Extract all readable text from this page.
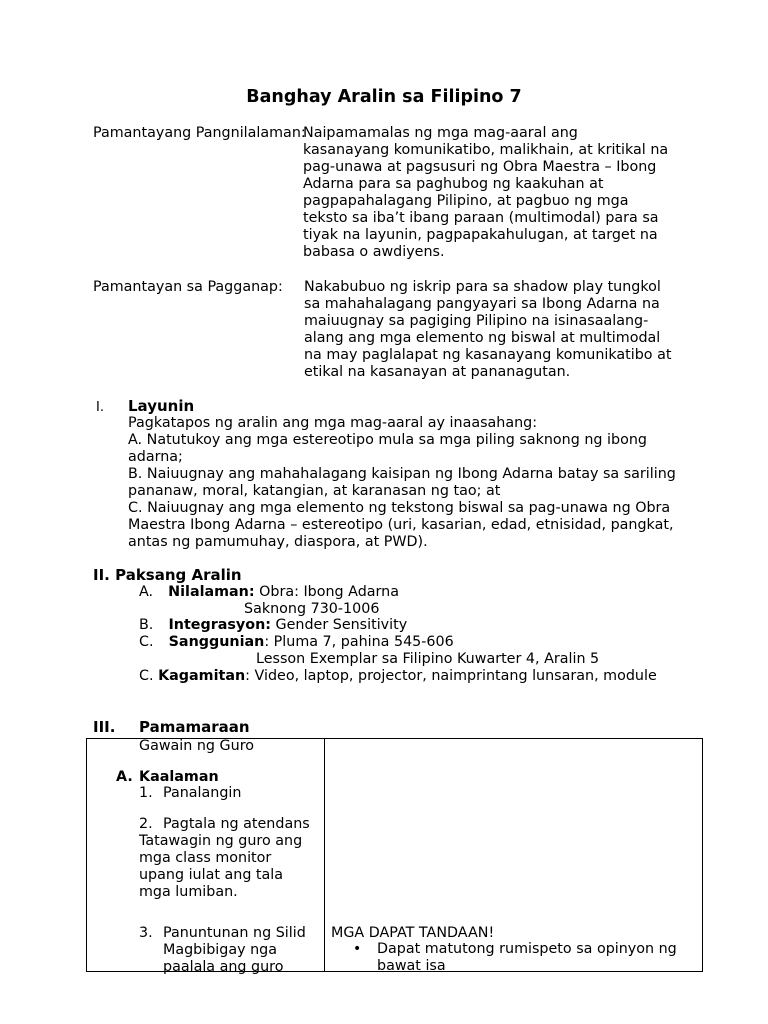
Banghay Aralin sa Filipino 7
Pamantayang Pangnilalaman:
Naipamamalas ng mga mag-aaral ang
kasanayang komunikatibo, malikhain, at kritikal na
pag-unawa at pagsusuri ng Obra Maestra – Ibong
Adarna para sa paghubog ng kaakuhan at
pagpapahalagang Pilipino, at pagbuo ng mga
teksto sa iba’t ibang paraan (multimodal) para sa
tiyak na layunin, pagpapakahulugan, at target na
babasa o awdiyens.
Pamantayan sa Pagganap: Nakabubuo ng iskrip para sa shadow play tungkol
sa mahahalagang pangyayari sa Ibong Adarna na
maiuugnay sa pagiging Pilipino na isinasaalang-
alang ang mga elemento ng biswal at multimodal
na may paglalapat ng kasanayang komunikatibo at
etikal na kasanayan at pananagutan.
I. Layunin
Pagkatapos ng aralin ang mga mag-aaral ay inaasahang:
A. Natutukoy ang mga estereotipo mula sa mga piling saknong ng ibong
adarna;
B. Naiuugnay ang mahahalagang kaisipan ng Ibong Adarna batay sa sariling
pananaw, moral, katangian, at karanasan ng tao; at
C. Naiuugnay ang mga elemento ng tekstong biswal sa pag-unawa ng Obra
Maestra Ibong Adarna – estereotipo (uri, kasarian, edad, etnisidad, pangkat,
antas ng pamumuhay, diaspora, at PWD).
II. Paksang Aralin
A. Nilalaman: Obra: Ibong Adarna
Saknong 730-1006
B. Integrasyon: Gender Sensitivity
C. Sanggunian: Pluma 7, pahina 545-606
Lesson Exemplar sa Filipino Kuwarter 4, Aralin 5
C. Kagamitan: Video, laptop, projector, naimprintang lunsaran, module
III. Pamamaraan
Gawain ng Guro
A. Kaalaman
1. Panalangin
2. Pagtala ng atendans
Tatawagin ng guro ang
mga class monitor
upang iulat ang tala
mga lumiban.
3. Panuntunan ng Silid
Magbibigay nga
paalala ang guro
MGA DAPAT TANDAAN!
• Dapat matutong rumispeto sa opinyon ng
bawat isa
